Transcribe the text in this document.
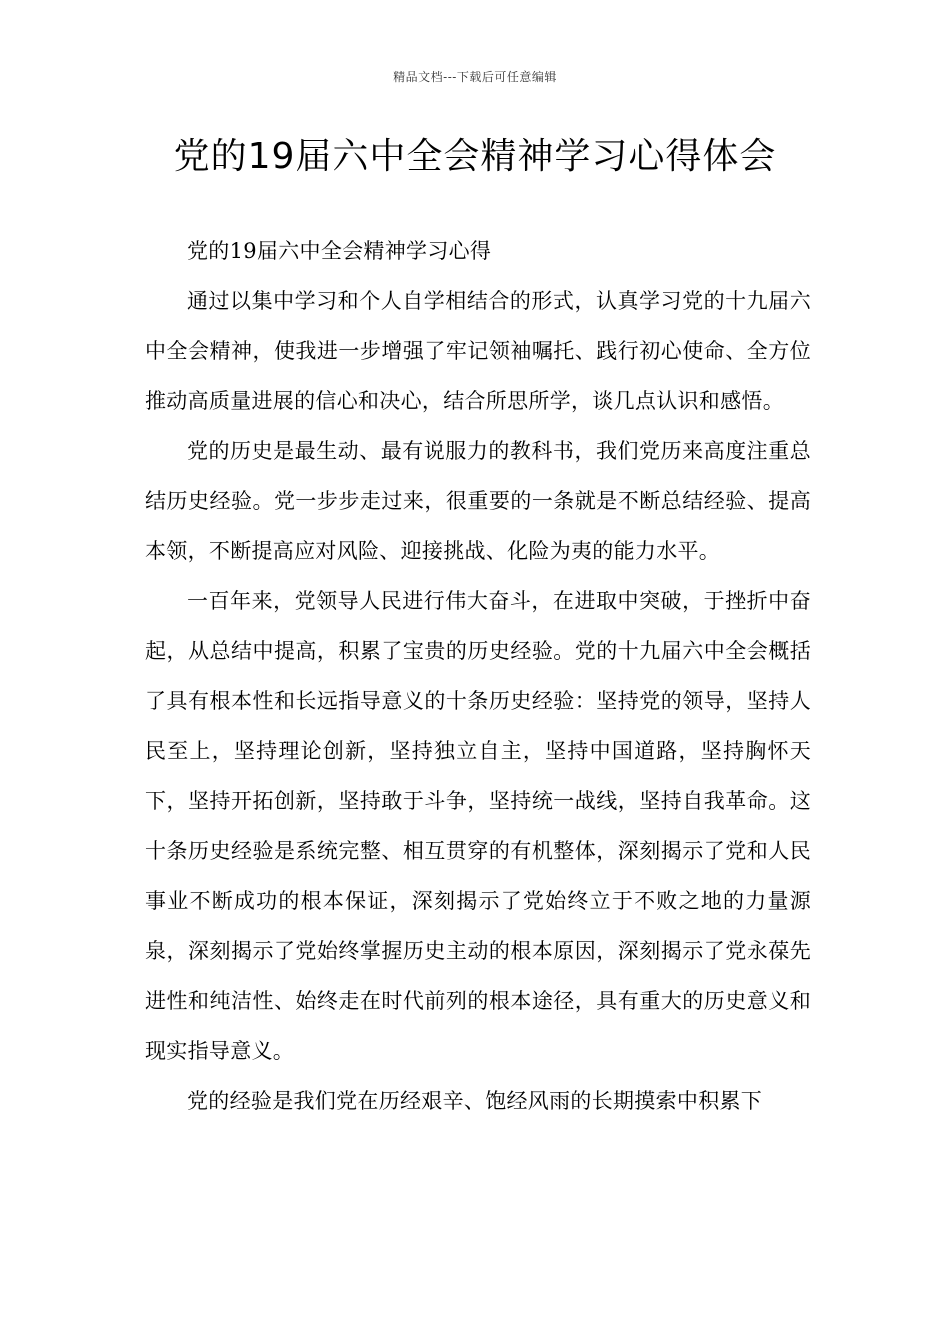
精品文档---下载后可任意编辑
党的19届六中全会精神学习心得体会

党的19届六中全会精神学习心得

通过以集中学习和个人自学相结合的形式，认真学习党的十九届六中全会精神，使我进一步增强了牢记领袖嘱托、践行初心使命、全方位推动高质量进展的信心和决心，结合所思所学，谈几点认识和感悟。

党的历史是最生动、最有说服力的教科书，我们党历来高度注重总结历史经验。党一步步走过来，很重要的一条就是不断总结经验、提高本领，不断提高应对风险、迎接挑战、化险为夷的能力水平。

一百年来，党领导人民进行伟大奋斗，在进取中突破，于挫折中奋起，从总结中提高，积累了宝贵的历史经验。党的十九届六中全会概括了具有根本性和长远指导意义的十条历史经验：坚持党的领导，坚持人民至上，坚持理论创新，坚持独立自主，坚持中国道路，坚持胸怀天下，坚持开拓创新，坚持敢于斗争，坚持统一战线，坚持自我革命。这十条历史经验是系统完整、相互贯穿的有机整体，深刻揭示了党和人民事业不断成功的根本保证，深刻揭示了党始终立于不败之地的力量源泉，深刻揭示了党始终掌握历史主动的根本原因，深刻揭示了党永葆先进性和纯洁性、始终走在时代前列的根本途径，具有重大的历史意义和现实指导意义。

党的经验是我们党在历经艰辛、饱经风雨的长期摸索中积累下
